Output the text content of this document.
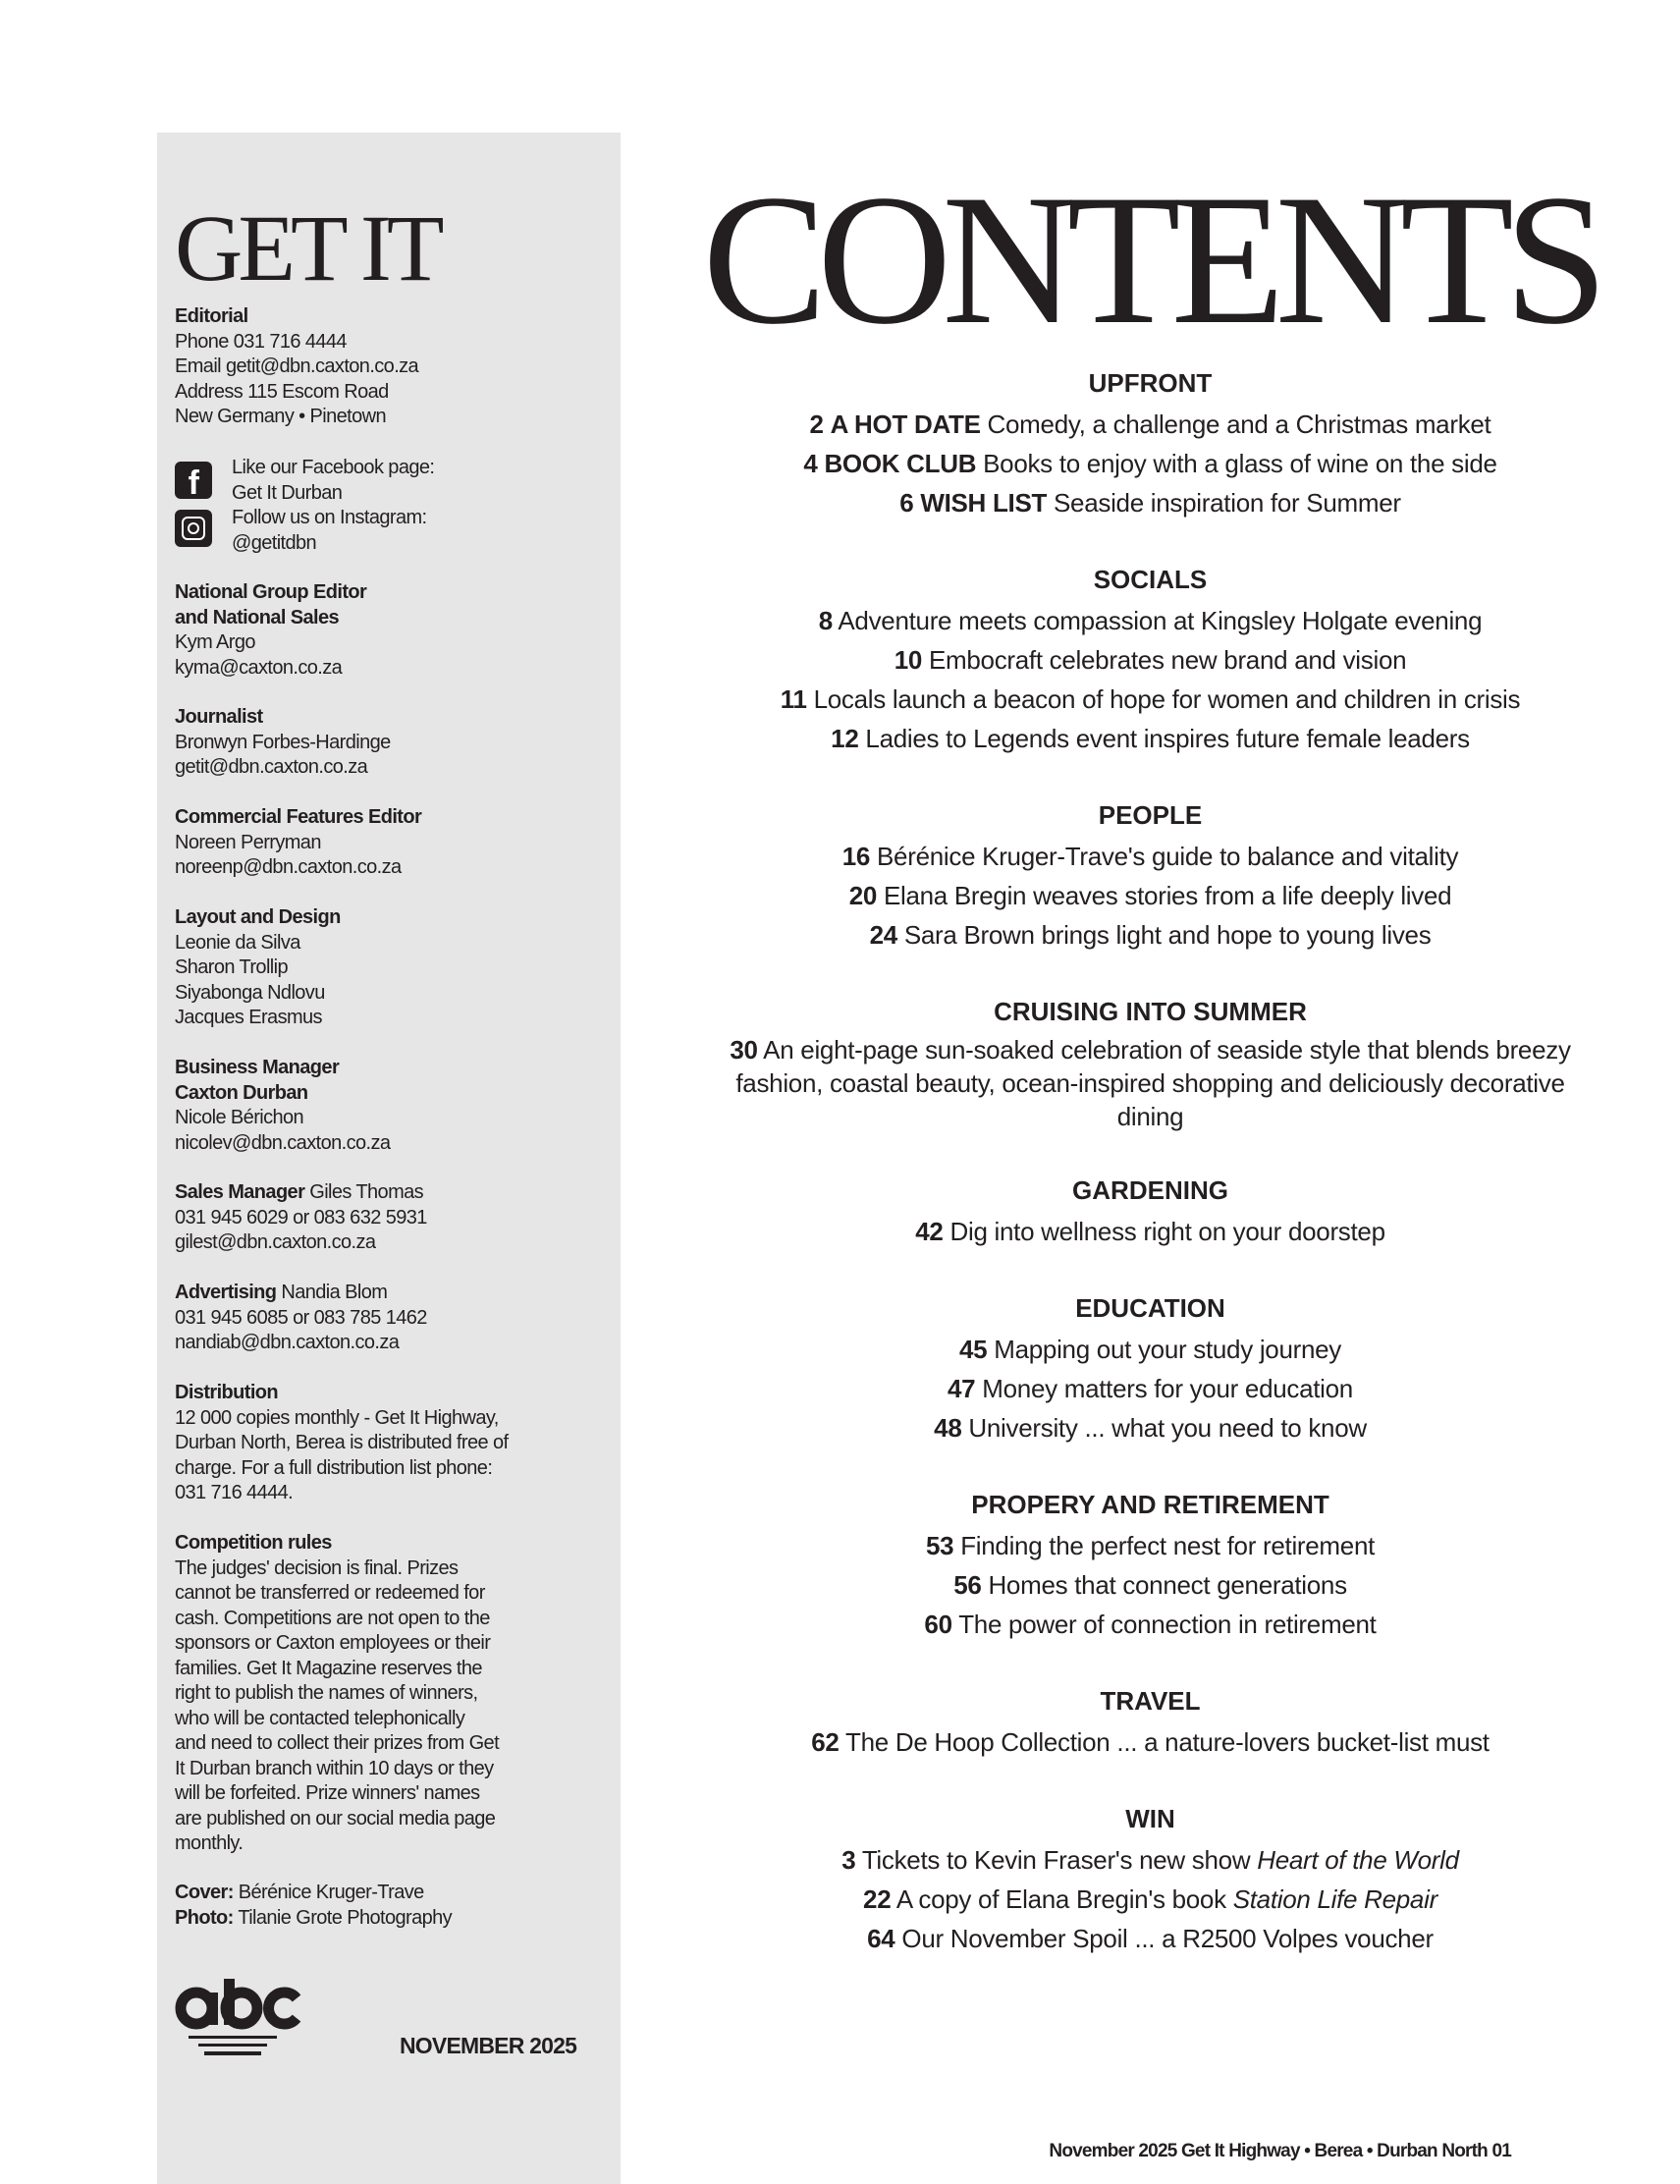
GET IT
Editorial
Phone 031 716 4444
Email getit@dbn.caxton.co.za
Address 115 Escom Road
New Germany • Pinetown
f	Like our Facebook page:
Get It Durban
Follow us on Instagram:
@getitdbn
National Group Editor
and National Sales
Kym Argo
kyma@caxton.co.za
Journalist
Bronwyn Forbes-Hardinge
getit@dbn.caxton.co.za
Commercial Features Editor
Noreen Perryman
noreenp@dbn.caxton.co.za
Layout and Design
Leonie da Silva
Sharon Trollip
Siyabonga Ndlovu
Jacques Erasmus
Business Manager
Caxton Durban
Nicole Bérichon
nicolev@dbn.caxton.co.za
Sales Manager Giles Thomas
031 945 6029 or 083 632 5931
gilest@dbn.caxton.co.za
Advertising Nandia Blom
031 945 6085 or 083 785 1462
nandiab@dbn.caxton.co.za
Distribution
12 000 copies monthly - Get It Highway,
Durban North, Berea is distributed free of
charge. For a full distribution list phone:
031 716 4444.
Competition rules
The judges' decision is final. Prizes
cannot be transferred or redeemed for
cash. Competitions are not open to the
sponsors or Caxton employees or their
families. Get It Magazine reserves the
right to publish the names of winners,
who will be contacted telephonically
and need to collect their prizes from Get
It Durban branch within 10 days or they
will be forfeited. Prize winners' names
are published on our social media page
monthly.
Cover: Bérénice Kruger-Trave
Photo: Tilanie Grote Photography
NOVEMBER 2025
CONTENTS
UPFRONT
2 A HOT DATE Comedy, a challenge and a Christmas market
4 BOOK CLUB Books to enjoy with a glass of wine on the side
6 WISH LIST Seaside inspiration for Summer
SOCIALS
8 Adventure meets compassion at Kingsley Holgate evening
10 Embocraft celebrates new brand and vision
11 Locals launch a beacon of hope for women and children in crisis
12 Ladies to Legends event inspires future female leaders
PEOPLE
16 Bérénice Kruger-Trave's guide to balance and vitality
20 Elana Bregin weaves stories from a life deeply lived
24 Sara Brown brings light and hope to young lives
CRUISING INTO SUMMER
30 An eight-page sun-soaked celebration of seaside style that blends breezy fashion, coastal beauty, ocean-inspired shopping and deliciously decorative dining
GARDENING
42 Dig into wellness right on your doorstep
EDUCATION
45 Mapping out your study journey
47 Money matters for your education
48 University ... what you need to know
PROPERY AND RETIREMENT
53 Finding the perfect nest for retirement
56 Homes that connect generations
60 The power of connection in retirement
TRAVEL
62 The De Hoop Collection ... a nature-lovers bucket-list must
WIN
3 Tickets to Kevin Fraser's new show Heart of the World
22 A copy of Elana Bregin's book Station Life Repair
64 Our November Spoil ... a R2500 Volpes voucher
November 2025 Get It Highway • Berea • Durban North 01
